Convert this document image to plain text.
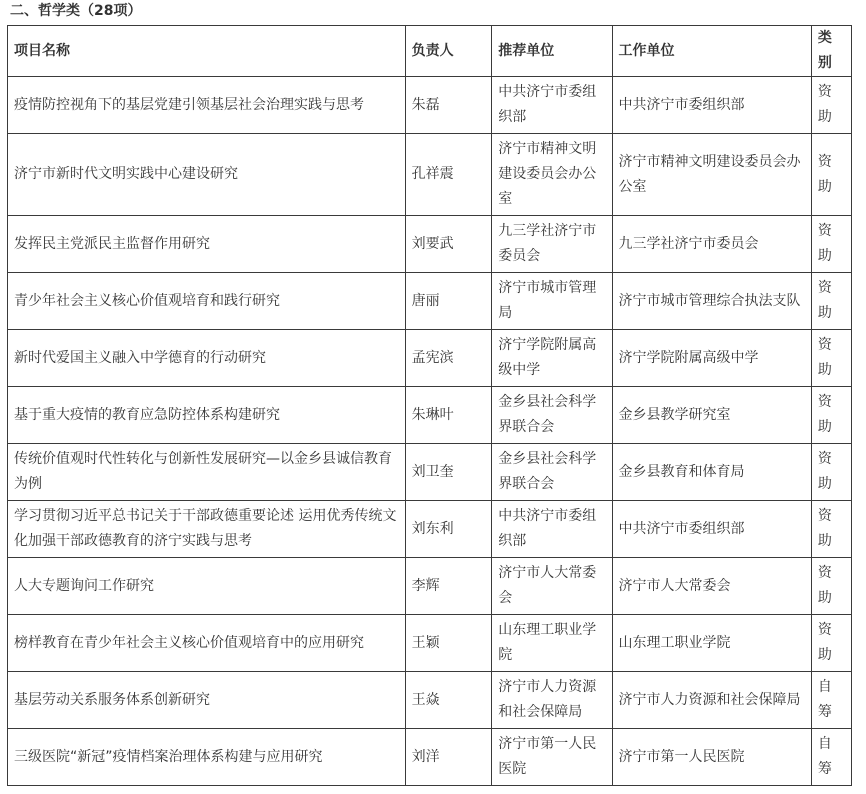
二、哲学类（28项）
项目名称	负责人	推荐单位	工作单位	类别
疫情防控视角下的基层党建引领基层社会治理实践与思考	朱磊	中共济宁市委组织部	中共济宁市委组织部	资助
济宁市新时代文明实践中心建设研究	孔祥震	济宁市精神文明建设委员会办公室	济宁市精神文明建设委员会办公室	资助
发挥民主党派民主监督作用研究	刘要武	九三学社济宁市委员会	九三学社济宁市委员会	资助
青少年社会主义核心价值观培育和践行研究	唐丽	济宁市城市管理局	济宁市城市管理综合执法支队	资助
新时代爱国主义融入中学德育的行动研究	孟宪滨	济宁学院附属高级中学	济宁学院附属高级中学	资助
基于重大疫情的教育应急防控体系构建研究	朱琳叶	金乡县社会科学界联合会	金乡县教学研究室	资助
传统价值观时代性转化与创新性发展研究—以金乡县诚信教育为例	刘卫奎	金乡县社会科学界联合会	金乡县教育和体育局	资助
学习贯彻习近平总书记关于干部政德重要论述 运用优秀传统文化加强干部政德教育的济宁实践与思考	刘东利	中共济宁市委组织部	中共济宁市委组织部	资助
人大专题询问工作研究	李辉	济宁市人大常委会	济宁市人大常委会	资助
榜样教育在青少年社会主义核心价值观培育中的应用研究	王颖	山东理工职业学院	山东理工职业学院	资助
基层劳动关系服务体系创新研究	王焱	济宁市人力资源和社会保障局	济宁市人力资源和社会保障局	自筹
三级医院“新冠”疫情档案治理体系构建与应用研究	刘洋	济宁市第一人民医院	济宁市第一人民医院	自筹
